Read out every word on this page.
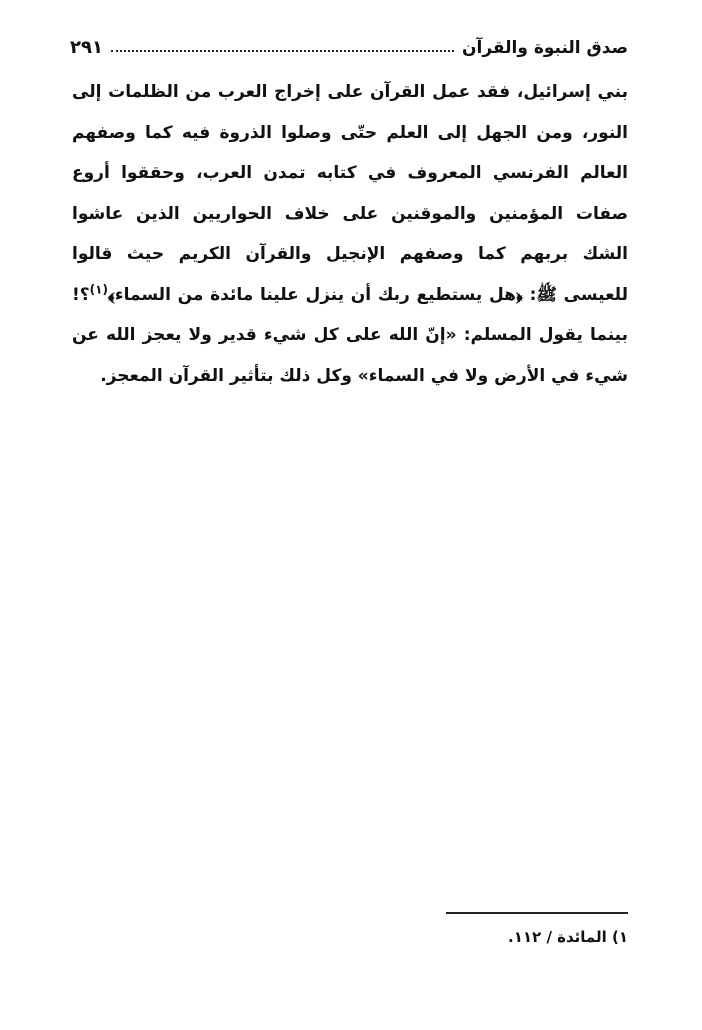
صدق النبوة والقرآن
٢٩١

بني إسرائيل، فقد عمل القرآن على إخراج العرب من الظلمات إلى النور، ومن الجهل إلى العلم حتّى وصلوا الذروة فيه كما وصفهم العالم الفرنسي المعروف في كتابه تمدن العرب، وحققوا أروع صفات المؤمنين والموقنين على خلاف الحواريين الذين عاشوا الشك بربهم كما وصفهم الإنجيل والقرآن الكريم حيث قالوا للعيسى ﷺ: ﴿هل يستطيع ربك أن ينزل علينا مائدة من السماء﴾$^{(١)}$؟! بينما يقول المسلم: «إنّ الله على كل شيء قدير ولا يعجز الله عن شيء في الأرض ولا في السماء» وكل ذلك بتأثير القرآن المعجز.

١) المائدة / ١١٢.
